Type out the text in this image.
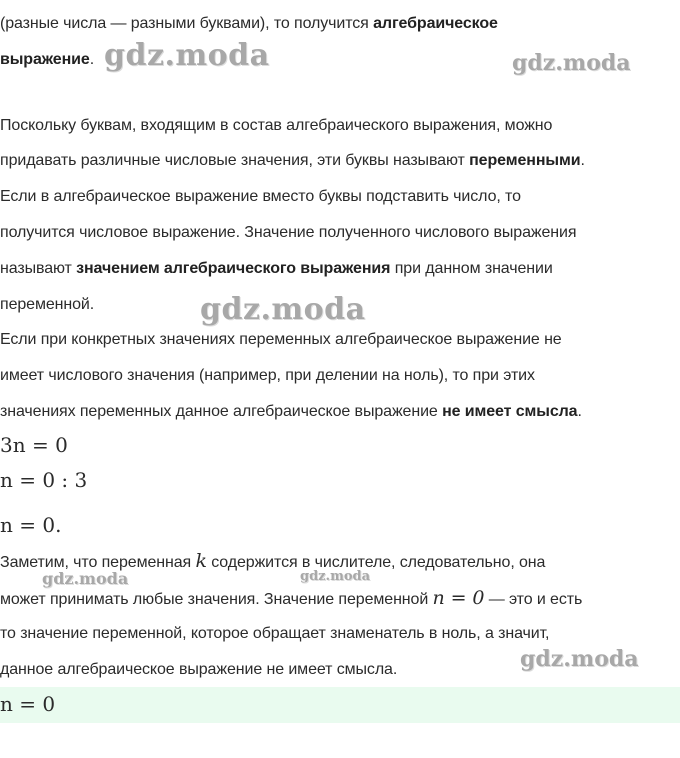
(разные числа — разными буквами), то получится алгебраическое
выражение.
Поскольку буквам, входящим в состав алгебраического выражения, можно
придавать различные числовые значения, эти буквы называют переменными.
Если в алгебраическое выражение вместо буквы подставить число, то
получится числовое выражение. Значение полученного числового выражения
называют значением алгебраического выражения при данном значении
переменной.
Если при конкретных значениях переменных алгебраическое выражение не
имеет числового значения (например, при делении на ноль), то при этих
значениях переменных данное алгебраическое выражение не имеет смысла.
3n = 0
n = 0 : 3
n = 0.
Заметим, что переменная k содержится в числителе, следовательно, она
может принимать любые значения. Значение переменной n = 0 — это и есть
то значение переменной, которое обращает знаменатель в ноль, а значит,
данное алгебраическое выражение не имеет смысла.
n = 0
gdz.moda	gdz.moda
gdz.moda
gdz.moda	gdz.moda
gdz.moda
